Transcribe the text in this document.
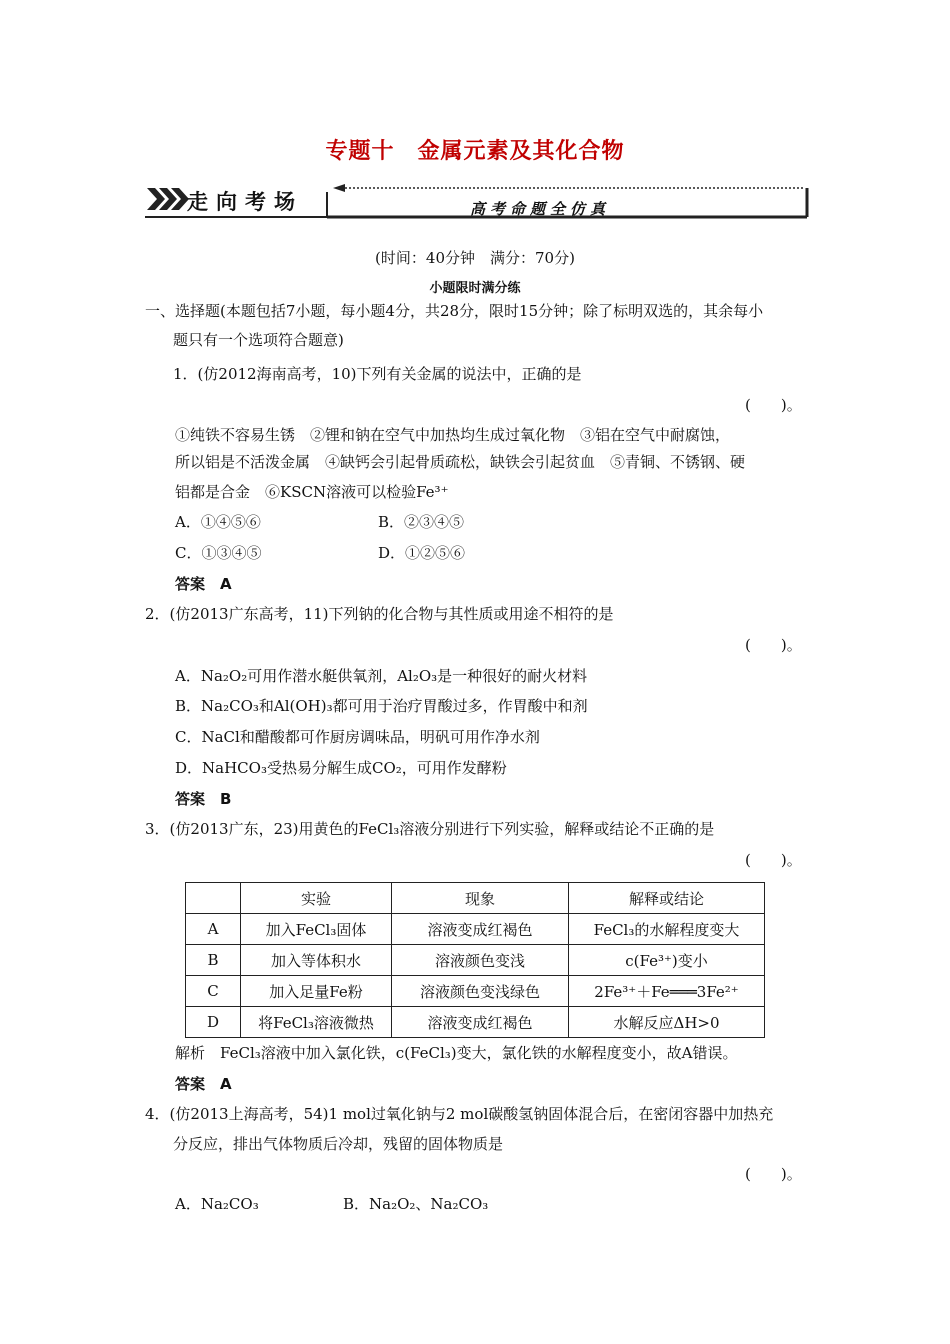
专题十　金属元素及其化合物
走向考场	高考命题全仿真
(时间：40分钟　满分：70分)
小题限时满分练
一、选择题(本题包括7小题，每小题4分，共28分，限时15分钟；除了标明双选的，其余每小
题只有一个选项符合题意)
1．(仿2012海南高考，10)下列有关金属的说法中，正确的是
(　　)。
①纯铁不容易生锈　②锂和钠在空气中加热均生成过氧化物　③铝在空气中耐腐蚀，
所以铝是不活泼金属　④缺钙会引起骨质疏松，缺铁会引起贫血　⑤青铜、不锈钢、硬
铝都是合金　⑥KSCN溶液可以检验Fe³⁺
A．①④⑤⑥	B．②③④⑤
C．①③④⑤	D．①②⑤⑥
答案　A
2．(仿2013广东高考，11)下列钠的化合物与其性质或用途不相符的是
(　　)。
A．Na₂O₂可用作潜水艇供氧剂，Al₂O₃是一种很好的耐火材料
B．Na₂CO₃和Al(OH)₃都可用于治疗胃酸过多，作胃酸中和剂
C．NaCl和醋酸都可作厨房调味品，明矾可用作净水剂
D．NaHCO₃受热易分解生成CO₂，可用作发酵粉
答案　B
3．(仿2013广东，23)用黄色的FeCl₃溶液分别进行下列实验，解释或结论不正确的是
(　　)。
	实验	现象	解释或结论
A	加入FeCl₃固体	溶液变成红褐色	FeCl₃的水解程度变大
B	加入等体积水	溶液颜色变浅	c(Fe³⁺)变小
C	加入足量Fe粉	溶液颜色变浅绿色	2Fe³⁺＋Fe═══3Fe²⁺
D	将FeCl₃溶液微热	溶液变成红褐色	水解反应ΔH>0
解析　FeCl₃溶液中加入氯化铁，c(FeCl₃)变大，氯化铁的水解程度变小，故A错误。
答案　A
4．(仿2013上海高考，54)1 mol过氧化钠与2 mol碳酸氢钠固体混合后，在密闭容器中加热充
分反应，排出气体物质后冷却，残留的固体物质是
(　　)。
A．Na₂CO₃	B．Na₂O₂、Na₂CO₃
